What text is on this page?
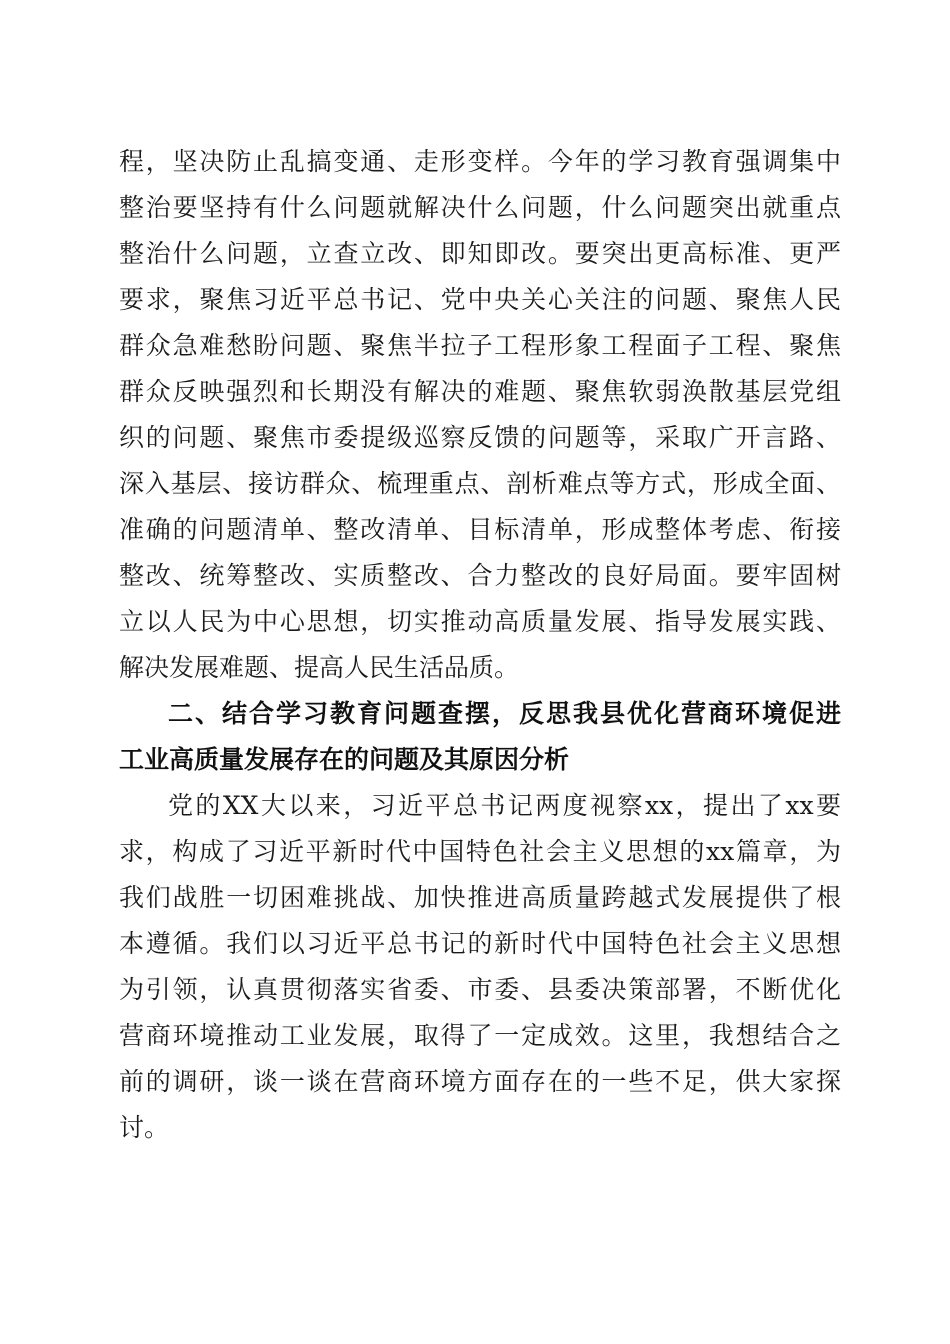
程，坚决防止乱搞变通、走形变样。今年的学习教育强调集中
整治要坚持有什么问题就解决什么问题，什么问题突出就重点
整治什么问题，立查立改、即知即改。要突出更高标准、更严
要求，聚焦习近平总书记、党中央关心关注的问题、聚焦人民
群众急难愁盼问题、聚焦半拉子工程形象工程面子工程、聚焦
群众反映强烈和长期没有解决的难题、聚焦软弱涣散基层党组
织的问题、聚焦市委提级巡察反馈的问题等，采取广开言路、
深入基层、接访群众、梳理重点、剖析难点等方式，形成全面、
准确的问题清单、整改清单、目标清单，形成整体考虑、衔接
整改、统筹整改、实质整改、合力整改的良好局面。要牢固树
立以人民为中心思想，切实推动高质量发展、指导发展实践、
解决发展难题、提高人民生活品质。
二、结合学习教育问题查摆，反思我县优化营商环境促进
工业高质量发展存在的问题及其原因分析
党的XX大以来，习近平总书记两度视察xx，提出了xx要
求，构成了习近平新时代中国特色社会主义思想的xx篇章，为
我们战胜一切困难挑战、加快推进高质量跨越式发展提供了根
本遵循。我们以习近平总书记的新时代中国特色社会主义思想
为引领，认真贯彻落实省委、市委、县委决策部署，不断优化
营商环境推动工业发展，取得了一定成效。这里，我想结合之
前的调研，谈一谈在营商环境方面存在的一些不足，供大家探
讨。
